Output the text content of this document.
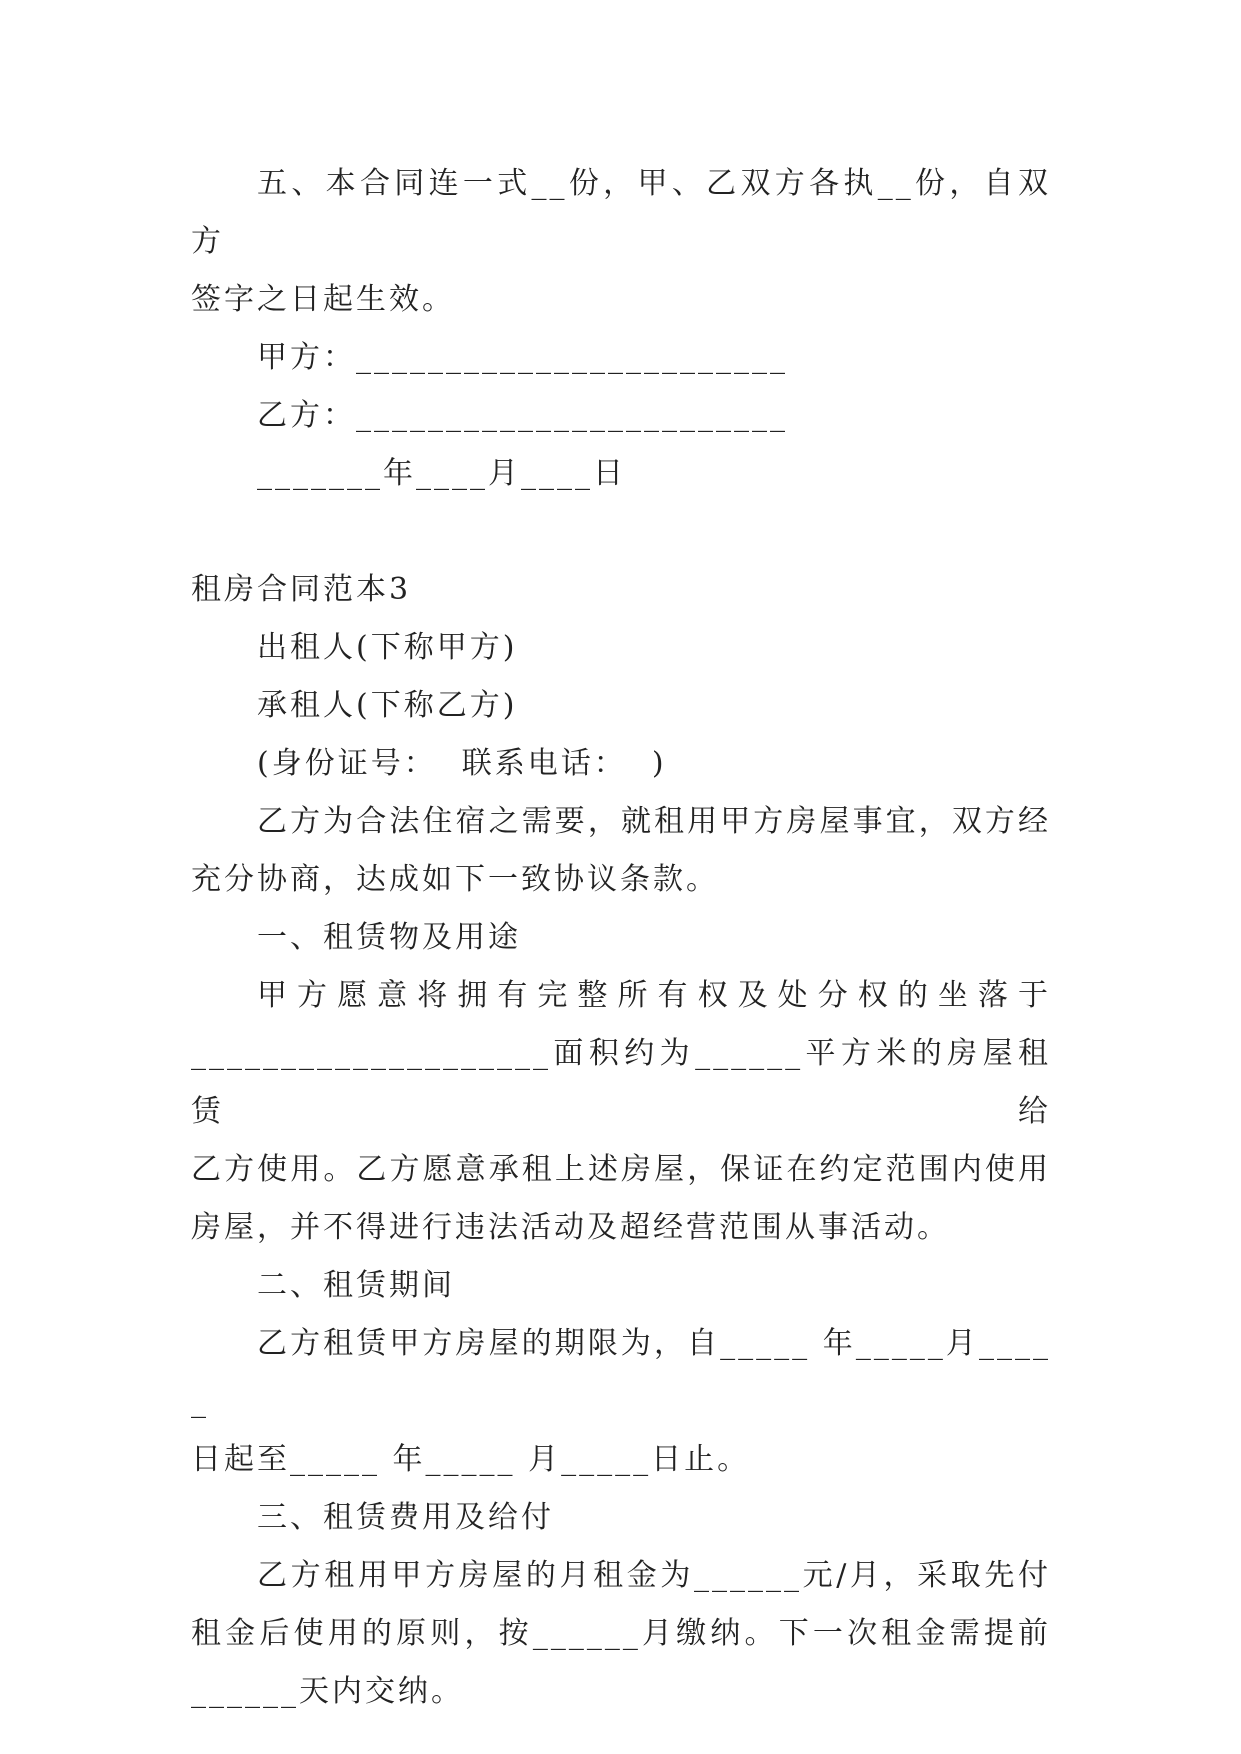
五、本合同连一式__份，甲、乙双方各执__份，自双方

签字之日起生效。

甲方：________________________

乙方：________________________

_______年____月____日

租房合同范本3

出租人(下称甲方)

承租人(下称乙方)

(身份证号：  联系电话：  )

乙方为合法住宿之需要，就租用甲方房屋事宜，双方经

充分协商，达成如下一致协议条款。

一、租赁物及用途

甲方愿意将拥有完整所有权及处分权的坐落于

____________________面积约为______平方米的房屋租赁给

乙方使用。乙方愿意承租上述房屋，保证在约定范围内使用

房屋，并不得进行违法活动及超经营范围从事活动。

二、租赁期间

乙方租赁甲方房屋的期限为，自_____ 年_____月_____

日起至_____ 年_____ 月_____日止。

三、租赁费用及给付

乙方租用甲方房屋的月租金为______元/月，采取先付

租金后使用的原则，按______月缴纳。下一次租金需提前

______天内交纳。
